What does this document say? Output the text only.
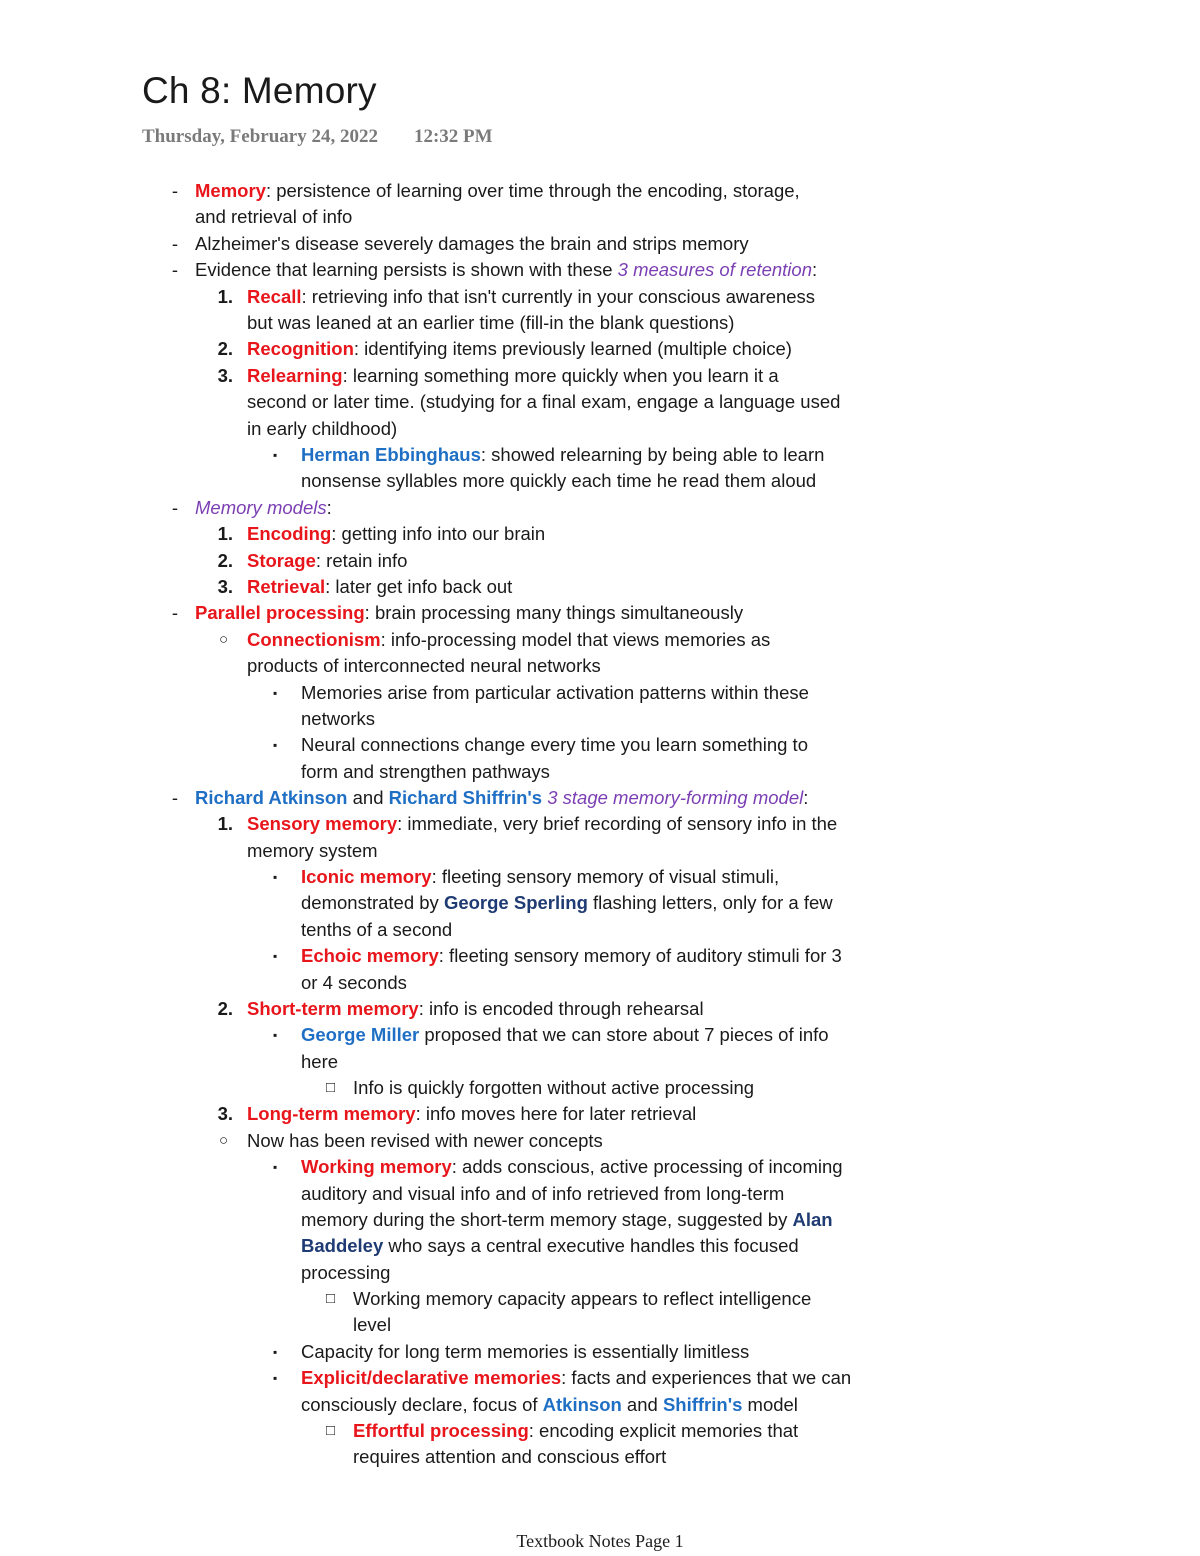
Ch 8: Memory
Thursday, February 24, 2022 12:32 PM
- Memory: persistence of learning over time through the encoding, storage,
and retrieval of info
- Alzheimer's disease severely damages the brain and strips memory
- Evidence that learning persists is shown with these 3 measures of retention:
1. Recall: retrieving info that isn't currently in your conscious awareness
but was leaned at an earlier time (fill-in the blank questions)
2. Recognition: identifying items previously learned (multiple choice)
3. Relearning: learning something more quickly when you learn it a
second or later time. (studying for a final exam, engage a language used
in early childhood)
▪ Herman Ebbinghaus: showed relearning by being able to learn
nonsense syllables more quickly each time he read them aloud
- Memory models:
1. Encoding: getting info into our brain
2. Storage: retain info
3. Retrieval: later get info back out
- Parallel processing: brain processing many things simultaneously
○ Connectionism: info-processing model that views memories as
products of interconnected neural networks
▪ Memories arise from particular activation patterns within these
networks
▪ Neural connections change every time you learn something to
form and strengthen pathways
- Richard Atkinson and Richard Shiffrin's 3 stage memory-forming model:
1. Sensory memory: immediate, very brief recording of sensory info in the
memory system
▪ Iconic memory: fleeting sensory memory of visual stimuli,
demonstrated by George Sperling flashing letters, only for a few
tenths of a second
▪ Echoic memory: fleeting sensory memory of auditory stimuli for 3
or 4 seconds
2. Short-term memory: info is encoded through rehearsal
▪ George Miller proposed that we can store about 7 pieces of info
here
□ Info is quickly forgotten without active processing
3. Long-term memory: info moves here for later retrieval
○ Now has been revised with newer concepts
▪ Working memory: adds conscious, active processing of incoming
auditory and visual info and of info retrieved from long-term
memory during the short-term memory stage, suggested by Alan
Baddeley who says a central executive handles this focused
processing
□ Working memory capacity appears to reflect intelligence
level
▪ Capacity for long term memories is essentially limitless
▪ Explicit/declarative memories: facts and experiences that we can
consciously declare, focus of Atkinson and Shiffrin's model
□ Effortful processing: encoding explicit memories that
requires attention and conscious effort
Textbook Notes Page 1
